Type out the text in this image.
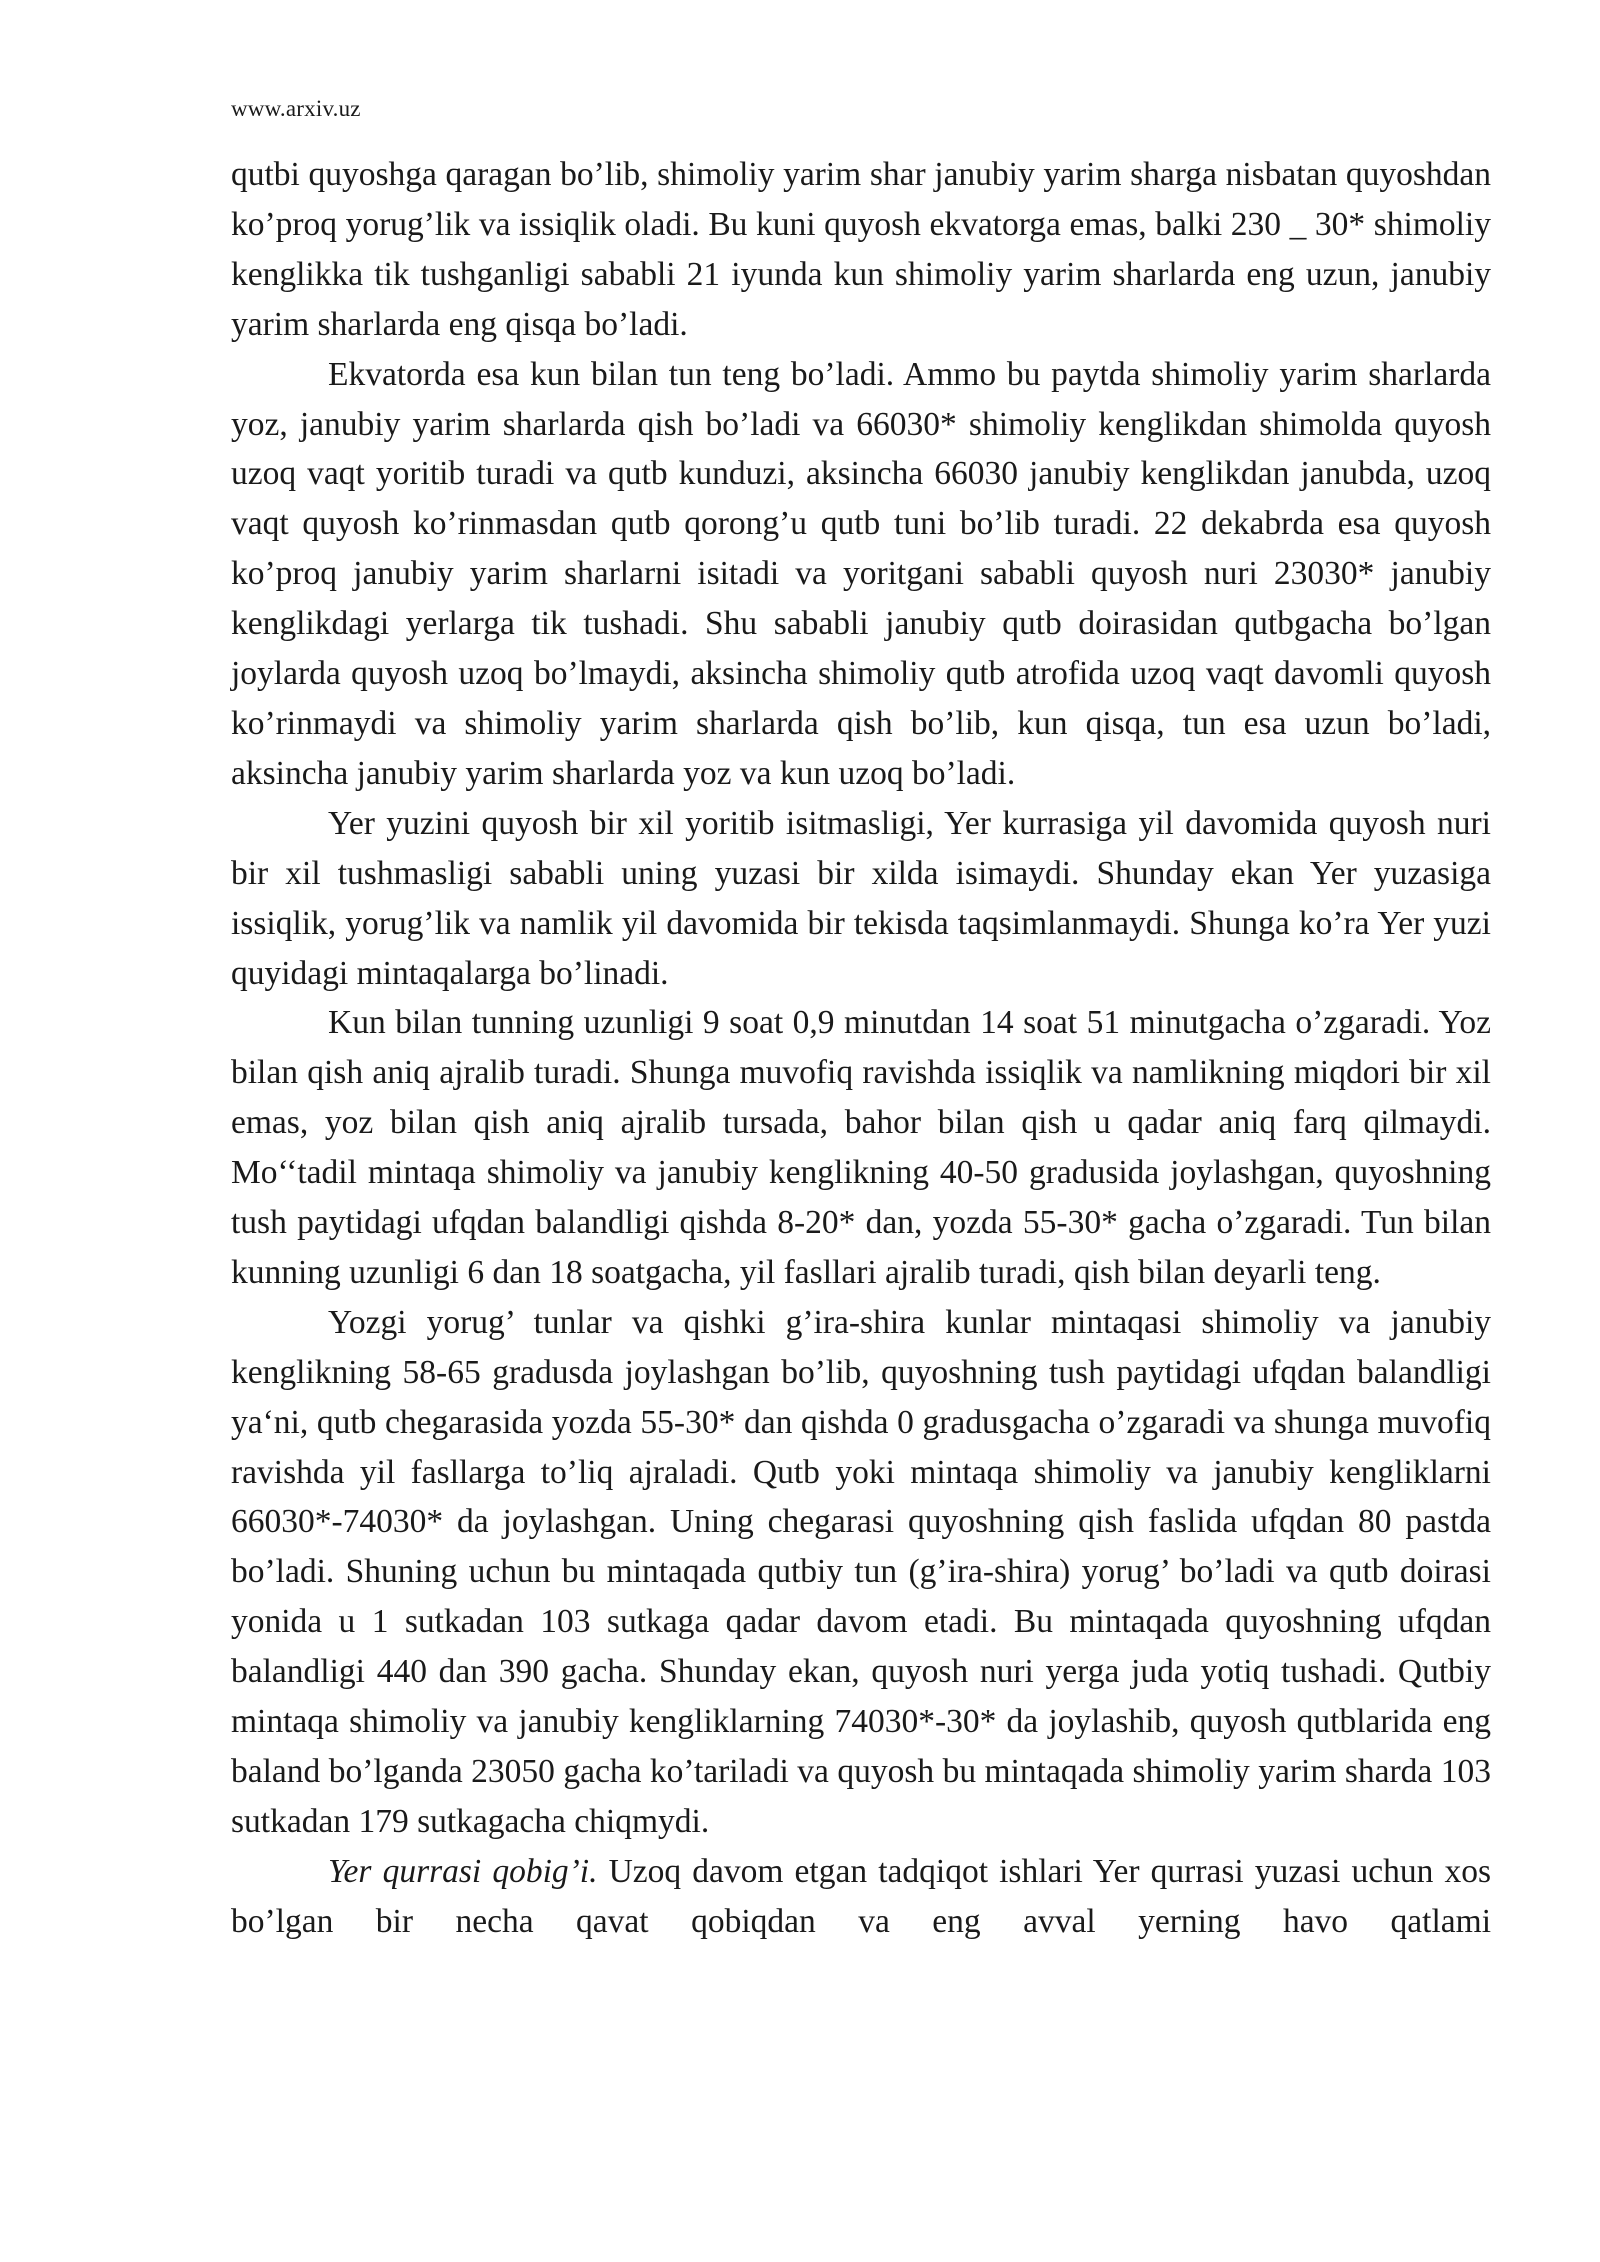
www.arxiv.uz

qutbi quyoshga qaragan bo’lib, shimoliy yarim shar janubiy yarim sharga nisbatan quyoshdan ko’proq yorug’lik va issiqlik oladi. Bu kuni quyosh ekvatorga emas, balki 230 _ 30* shimoliy kenglikka tik tushganligi sababli 21 iyunda kun shimoliy yarim sharlarda eng uzun, janubiy yarim sharlarda eng qisqa bo’ladi.

Ekvatorda esa kun bilan tun teng bo’ladi. Ammo bu paytda shimoliy yarim sharlarda yoz, janubiy yarim sharlarda qish bo’ladi va 66030* shimoliy kenglikdan shimolda quyosh uzoq vaqt yoritib turadi va qutb kunduzi, aksincha 66030 janubiy kenglikdan janubda, uzoq vaqt quyosh ko’rinmasdan qutb qorong’u qutb tuni bo’lib turadi. 22 dekabrda esa quyosh ko’proq janubiy yarim sharlarni isitadi va yoritgani sababli quyosh nuri 23030* janubiy kenglikdagi yerlarga tik tushadi. Shu sababli janubiy qutb doirasidan qutbgacha bo’lgan joylarda quyosh uzoq bo’lmaydi, aksincha shimoliy qutb atrofida uzoq vaqt davomli quyosh ko’rinmaydi va shimoliy yarim sharlarda qish bo’lib, kun qisqa, tun esa uzun bo’ladi, aksincha janubiy yarim sharlarda yoz va kun uzoq bo’ladi.

Yer yuzini quyosh bir xil yoritib isitmasligi, Yer kurrasiga yil davomida quyosh nuri bir xil tushmasligi sababli uning yuzasi bir xilda isimaydi. Shunday ekan Yer yuzasiga issiqlik, yorug’lik va namlik yil davomida bir tekisda taqsimlanmaydi. Shunga ko’ra Yer yuzi quyidagi mintaqalarga bo’linadi.

Kun bilan tunning uzunligi 9 soat 0,9 minutdan 14 soat 51 minutgacha o’zgaradi. Yoz bilan qish aniq ajralib turadi. Shunga muvofiq ravishda issiqlik va namlikning miqdori bir xil emas, yoz bilan qish aniq ajralib tursada, bahor bilan qish u qadar aniq farq qilmaydi. Mo‘‘tadil mintaqa shimoliy va janubiy kenglikning 40-50 gradusida joylashgan, quyoshning tush paytidagi ufqdan balandligi qishda 8-20* dan, yozda 55-30* gacha o’zgaradi. Tun bilan kunning uzunligi 6 dan 18 soatgacha, yil fasllari ajralib turadi, qish bilan deyarli teng.

Yozgi yorug’ tunlar va qishki g’ira-shira kunlar mintaqasi shimoliy va janubiy kenglikning 58-65 gradusda joylashgan bo’lib, quyoshning tush paytidagi ufqdan balandligi ya‘ni, qutb chegarasida yozda 55-30* dan qishda 0 gradusgacha o’zgaradi va shunga muvofiq ravishda yil fasllarga to’liq ajraladi. Qutb yoki mintaqa shimoliy va janubiy kengliklarni 66030*-74030* da joylashgan. Uning chegarasi quyoshning qish faslida ufqdan 80 pastda bo’ladi. Shuning uchun bu mintaqada qutbiy tun (g’ira-shira) yorug’ bo’ladi va qutb doirasi yonida u 1 sutkadan 103 sutkaga qadar davom etadi. Bu mintaqada quyoshning ufqdan balandligi 440 dan 390 gacha. Shunday ekan, quyosh nuri yerga juda yotiq tushadi. Qutbiy mintaqa shimoliy va janubiy kengliklarning 74030*-30* da joylashib, quyosh qutblarida eng baland bo’lganda 23050 gacha ko’tariladi va quyosh bu mintaqada shimoliy yarim sharda 103 sutkadan 179 sutkagacha chiqmydi.

Yer qurrasi qobig’i. Uzoq davom etgan tadqiqot ishlari Yer qurrasi yuzasi uchun xos bo’lgan bir necha qavat qobiqdan va eng avval yerning havo qatlami
